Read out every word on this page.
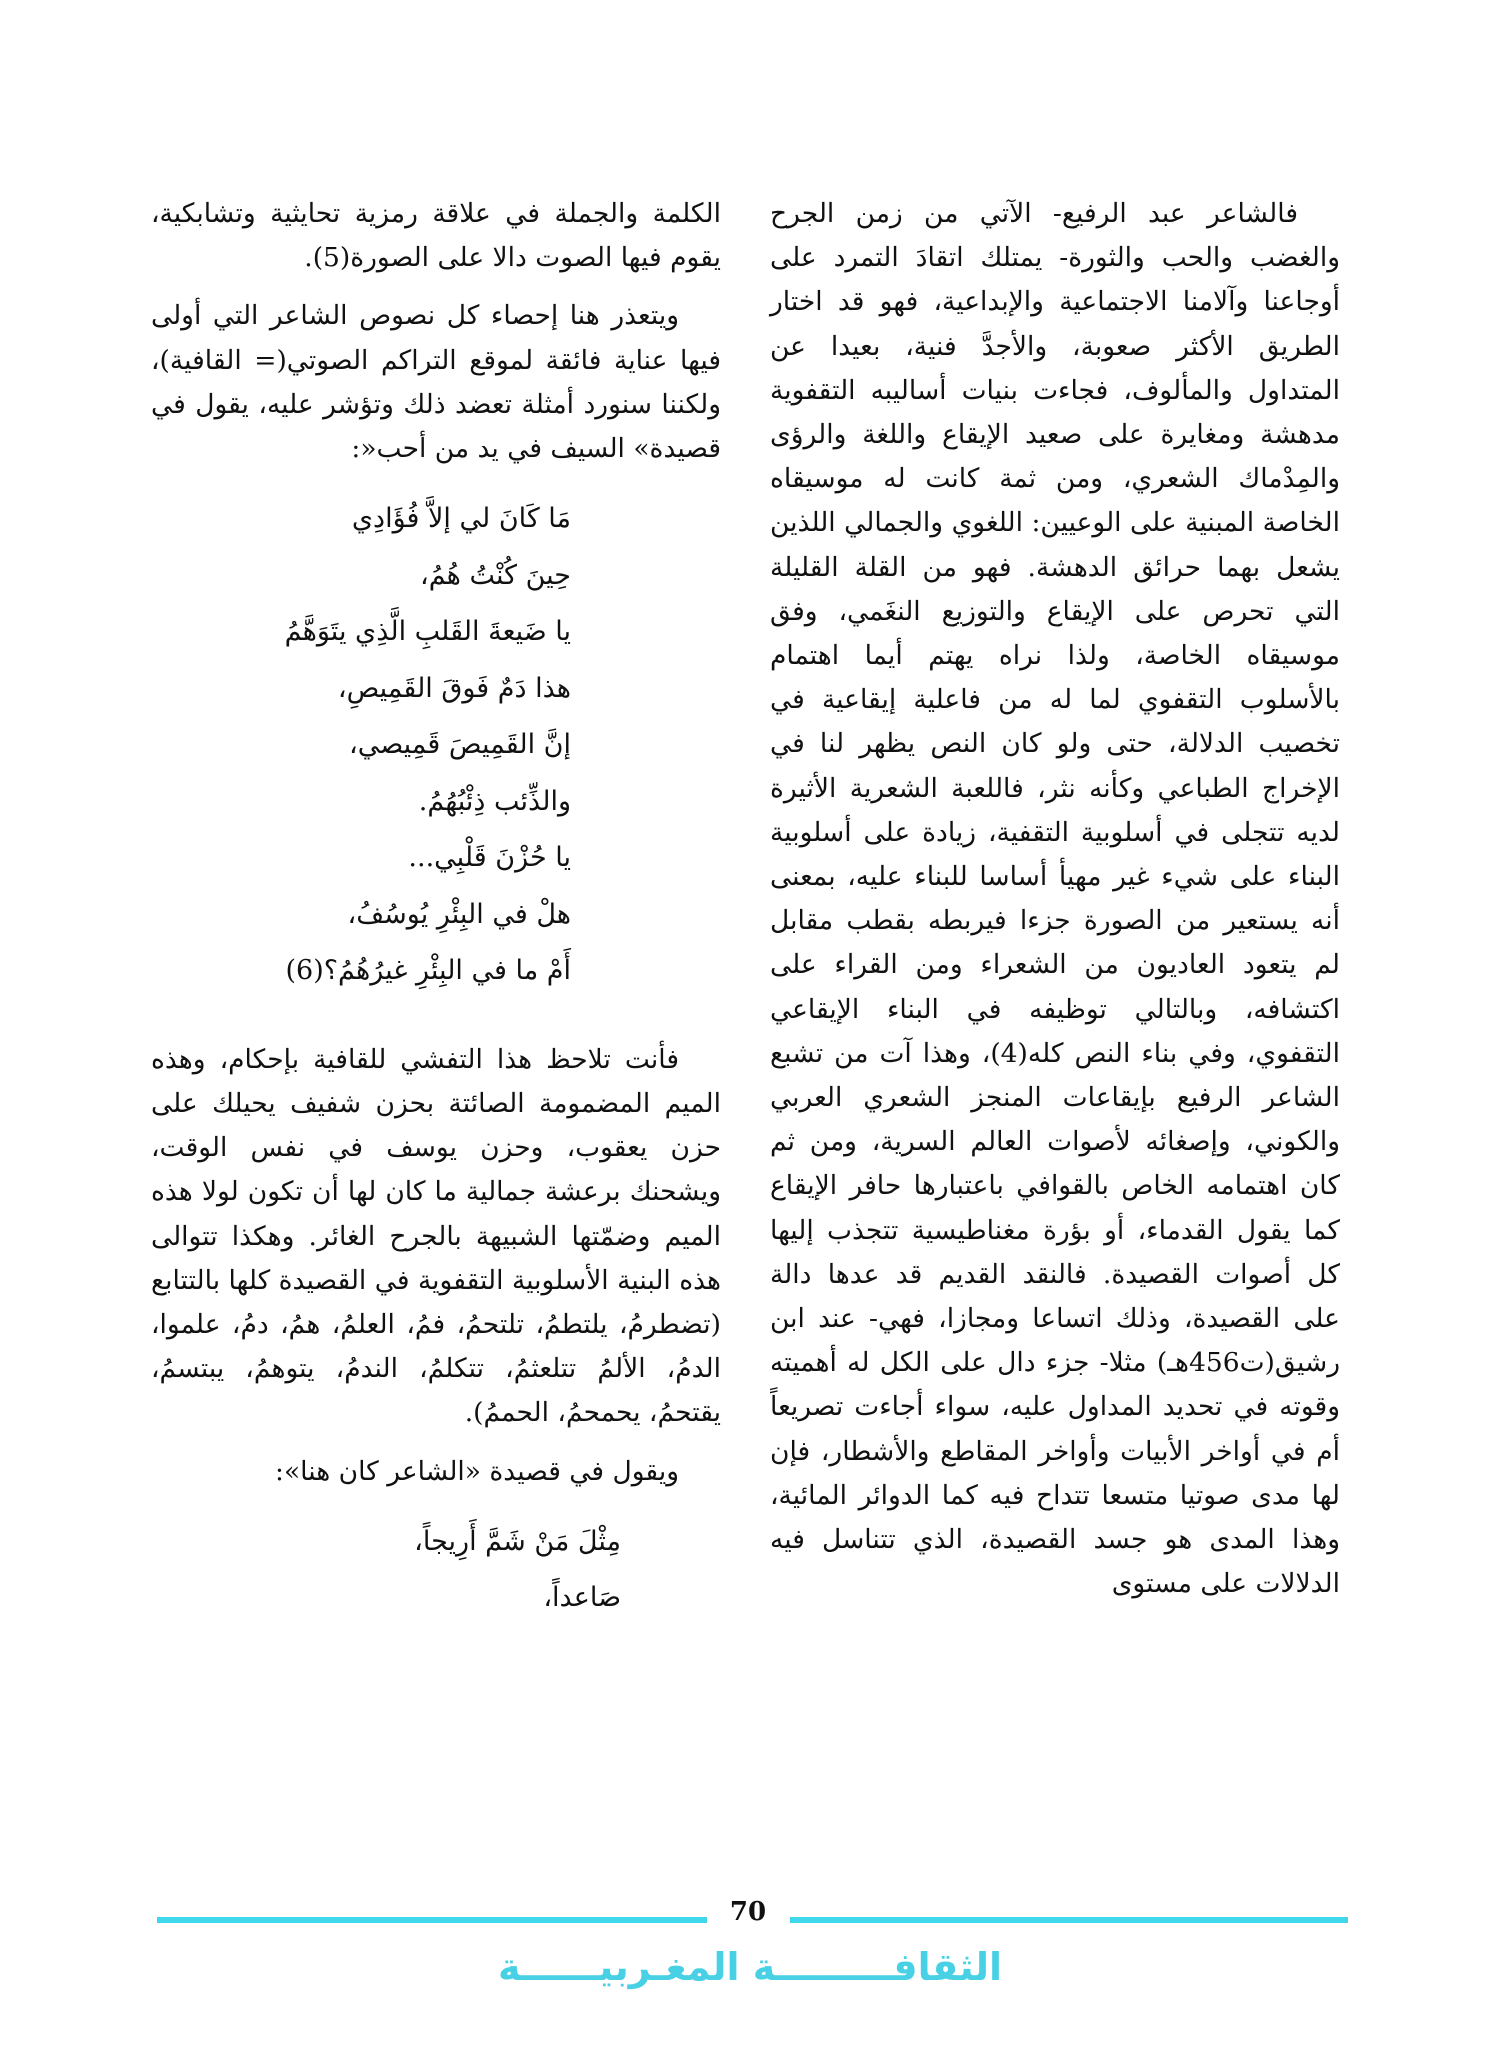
فالشاعر عبد الرفيع- الآتي من زمن الجرح والغضب والحب والثورة- يمتلك اتقادَ التمرد على أوجاعنا وآلامنا الاجتماعية والإبداعية، فهو قد اختار الطريق الأكثر صعوبة، والأجدَّ فنية، بعيدا عن المتداول والمألوف، فجاءت بنيات أساليبه التقفوية مدهشة ومغايرة على صعيد الإيقاع واللغة والرؤى والمِدْماك الشعري، ومن ثمة كانت له موسيقاه الخاصة المبنية على الوعيين: اللغوي والجمالي اللذين يشعل بهما حرائق الدهشة. فهو من القلة القليلة التي تحرص على الإيقاع والتوزيع النغَمي، وفق موسيقاه الخاصة، ولذا نراه يهتم أيما اهتمام بالأسلوب التقفوي لما له من فاعلية إيقاعية في تخصيب الدلالة، حتى ولو كان النص يظهر لنا في الإخراج الطباعي وكأنه نثر، فاللعبة الشعرية الأثيرة لديه تتجلى في أسلوبية التقفية، زيادة على أسلوبية البناء على شيء غير مهيأ أساسا للبناء عليه، بمعنى أنه يستعير من الصورة جزءا فيربطه بقطب مقابل لم يتعود العاديون من الشعراء ومن القراء على اكتشافه، وبالتالي توظيفه في البناء الإيقاعي التقفوي، وفي بناء النص كله(4)، وهذا آت من تشبع الشاعر الرفيع بإيقاعات المنجز الشعري العربي والكوني، وإصغائه لأصوات العالم السرية، ومن ثم كان اهتمامه الخاص بالقوافي باعتبارها حافر الإيقاع كما يقول القدماء، أو بؤرة مغناطيسية تتجذب إليها كل أصوات القصيدة. فالنقد القديم قد عدها دالة على القصيدة، وذلك اتساعا ومجازا، فهي- عند ابن رشيق(ت456هـ) مثلا- جزء دال على الكل له أهميته وقوته في تحديد المداول عليه، سواء أجاءت تصريعاً أم في أواخر الأبيات وأواخر المقاطع والأشطار، فإن لها مدى صوتيا متسعا تتداح فيه كما الدوائر المائية، وهذا المدى هو جسد القصيدة، الذي تتناسل فيه الدلالات على مستوى

الكلمة والجملة في علاقة رمزية تحايثية وتشابكية، يقوم فيها الصوت دالا على الصورة(5).

ويتعذر هنا إحصاء كل نصوص الشاعر التي أولى فيها عناية فائقة لموقع التراكم الصوتي(= القافية)، ولكننا سنورد أمثلة تعضد ذلك وتؤشر عليه، يقول في قصيدة» السيف في يد من أحب«:

مَا كَانَ لي إلاَّ فُؤَادِي

حِينَ كُنْتُ هُمُ،

يا ضَيعةَ القَلبِ الَّذِي يتَوَهَّمُ

هذا دَمٌ فَوقَ القَمِيصِ،

إنَّ القَمِيصَ قَمِيصي،

والذِّئب ذِئْبُهُمُ.

يا حُزْنَ قَلْبِي...

هلْ في البِئْرِ يُوسُفُ،

أَمْ ما في البِئْرِ غيرُهُمُ؟(6)

فأنت تلاحظ هذا التفشي للقافية بإحكام، وهذه الميم المضمومة الصائتة بحزن شفيف يحيلك على حزن يعقوب، وحزن يوسف في نفس الوقت، ويشحنك برعشة جمالية ما كان لها أن تكون لولا هذه الميم وضمّتها الشبيهة بالجرح الغائر. وهكذا تتوالى هذه البنية الأسلوبية التقفوية في القصيدة كلها بالتتابع (تضطرمُ، يلتطمُ، تلتحمُ، فمُ، العلمُ، همُ، دمُ، علموا، الدمُ، الألمُ تتلعثمُ، تتكلمُ، الندمُ، يتوهمُ، يبتسمُ، يقتحمُ، يحمحمُ، الحممُ).

ويقول في قصيدة «الشاعر كان هنا»:

مِثْلَ مَنْ شَمَّ أَرِيجاً،

صَاعداً،

70
الثقافـــــــــة المغـربيــــــة
